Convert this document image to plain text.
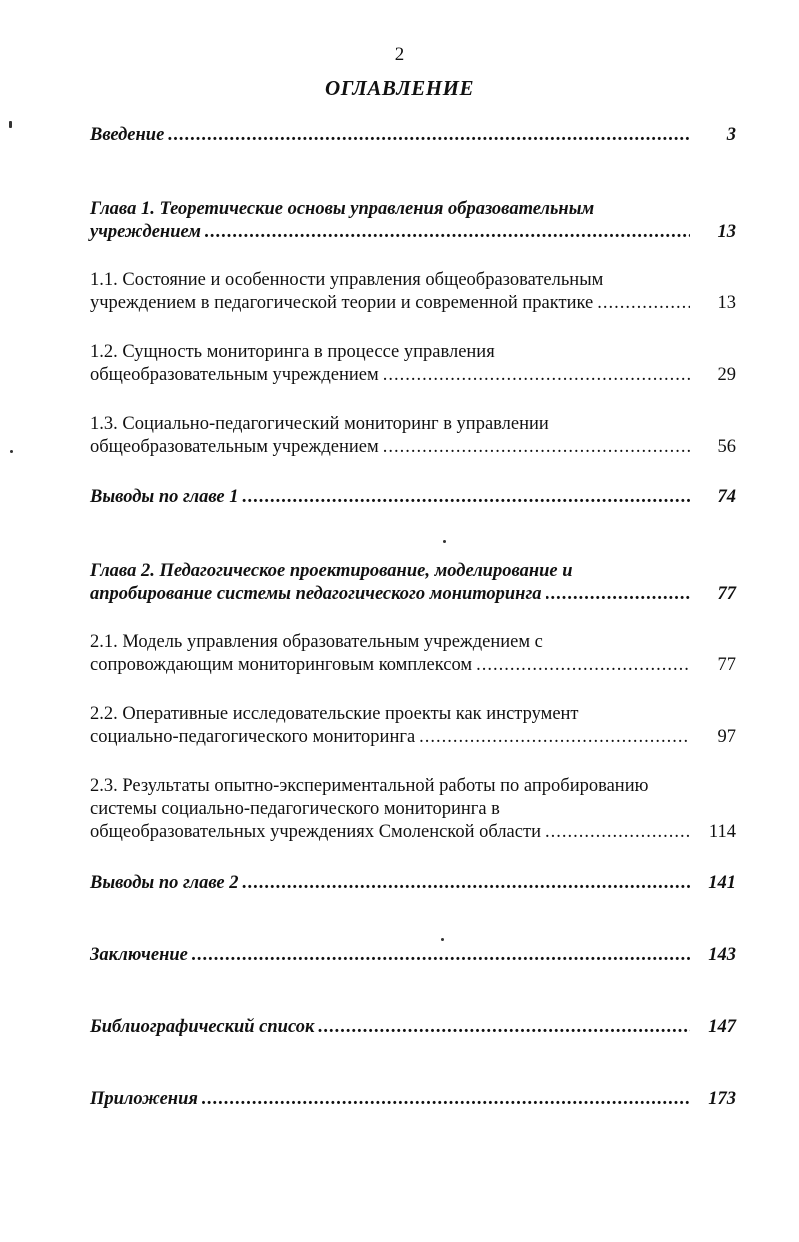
2
ОГЛАВЛЕНИЕ
Введение .....	3
Глава 1. Теоретические основы управления образовательным
учреждением .....	13
1.1. Состояние и особенности управления общеобразовательным
учреждением в педагогической теории и современной практике .....	13
1.2. Сущность мониторинга в процессе управления
общеобразовательным учреждением .....	29
1.3. Социально-педагогический мониторинг в управлении
общеобразовательным учреждением .....	56
Выводы по главе 1 .....	74
Глава 2. Педагогическое проектирование, моделирование и
апробирование системы педагогического мониторинга .....	77
2.1. Модель управления образовательным учреждением с
сопровождающим мониторинговым комплексом .....	77
2.2. Оперативные исследовательские проекты как инструмент
социально-педагогического мониторинга .....	97
2.3. Результаты опытно-экспериментальной работы по апробированию
системы социально-педагогического мониторинга в
общеобразовательных учреждениях Смоленской области .....	114
Выводы по главе 2 .....	141
Заключение .....	143
Библиографический список .....	147
Приложения .....	173
